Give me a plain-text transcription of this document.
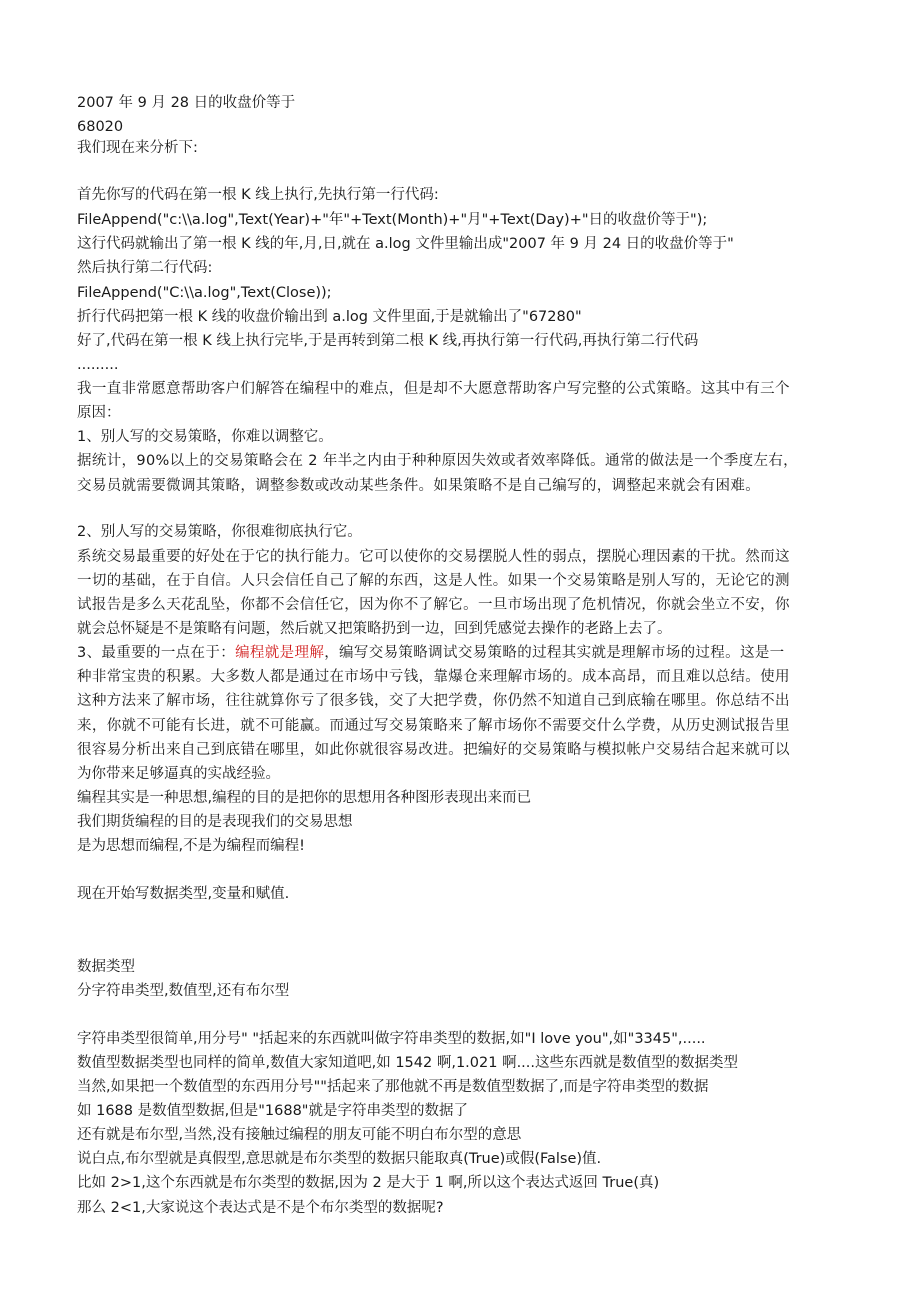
2007 年 9 月 28 日的收盘价等于
68020
我们现在来分析下:
首先你写的代码在第一根 K 线上执行,先执行第一行代码:
FileAppend("c:\\a.log",Text(Year)+"年"+Text(Month)+"月"+Text(Day)+"日的收盘价等于");
这行代码就输出了第一根 K 线的年,月,日,就在 a.log 文件里输出成"2007 年 9 月 24 日的收盘价等于"
然后执行第二行代码:
FileAppend("C:\\a.log",Text(Close));
折行代码把第一根 K 线的收盘价输出到 a.log 文件里面,于是就输出了"67280"
好了,代码在第一根 K 线上执行完毕,于是再转到第二根 K 线,再执行第一行代码,再执行第二行代码
.........
我一直非常愿意帮助客户们解答在编程中的难点，但是却不大愿意帮助客户写完整的公式策略。这其中有三个
原因：
1、别人写的交易策略，你难以调整它。
据统计，90%以上的交易策略会在 2 年半之内由于种种原因失效或者效率降低。通常的做法是一个季度左右，
交易员就需要微调其策略，调整参数或改动某些条件。如果策略不是自己编写的，调整起来就会有困难。
2、别人写的交易策略，你很难彻底执行它。
系统交易最重要的好处在于它的执行能力。它可以使你的交易摆脱人性的弱点，摆脱心理因素的干扰。然而这
一切的基础，在于自信。人只会信任自己了解的东西，这是人性。如果一个交易策略是别人写的，无论它的测
试报告是多么天花乱坠，你都不会信任它，因为你不了解它。一旦市场出现了危机情况，你就会坐立不安，你
就会总怀疑是不是策略有问题，然后就又把策略扔到一边，回到凭感觉去操作的老路上去了。
3、最重要的一点在于：编程就是理解，编写交易策略调试交易策略的过程其实就是理解市场的过程。这是一
种非常宝贵的积累。大多数人都是通过在市场中亏钱，靠爆仓来理解市场的。成本高昂，而且难以总结。使用
这种方法来了解市场，往往就算你亏了很多钱，交了大把学费，你仍然不知道自己到底输在哪里。你总结不出
来，你就不可能有长进，就不可能赢。而通过写交易策略来了解市场你不需要交什么学费，从历史测试报告里
很容易分析出来自己到底错在哪里，如此你就很容易改进。把编好的交易策略与模拟帐户交易结合起来就可以
为你带来足够逼真的实战经验。
编程其实是一种思想,编程的目的是把你的思想用各种图形表现出来而已
我们期货编程的目的是表现我们的交易思想
是为思想而编程,不是为编程而编程!
现在开始写数据类型,变量和赋值.
数据类型
分字符串类型,数值型,还有布尔型
字符串类型很简单,用分号" "括起来的东西就叫做字符串类型的数据,如"I love you",如"3345",.....
数值型数据类型也同样的简单,数值大家知道吧,如 1542 啊,1.021 啊....这些东西就是数值型的数据类型
当然,如果把一个数值型的东西用分号""括起来了那他就不再是数值型数据了,而是字符串类型的数据
如 1688 是数值型数据,但是"1688"就是字符串类型的数据了
还有就是布尔型,当然,没有接触过编程的朋友可能不明白布尔型的意思
说白点,布尔型就是真假型,意思就是布尔类型的数据只能取真(True)或假(False)值.
比如 2>1,这个东西就是布尔类型的数据,因为 2 是大于 1 啊,所以这个表达式返回 True(真)
那么 2<1,大家说这个表达式是不是个布尔类型的数据呢?
